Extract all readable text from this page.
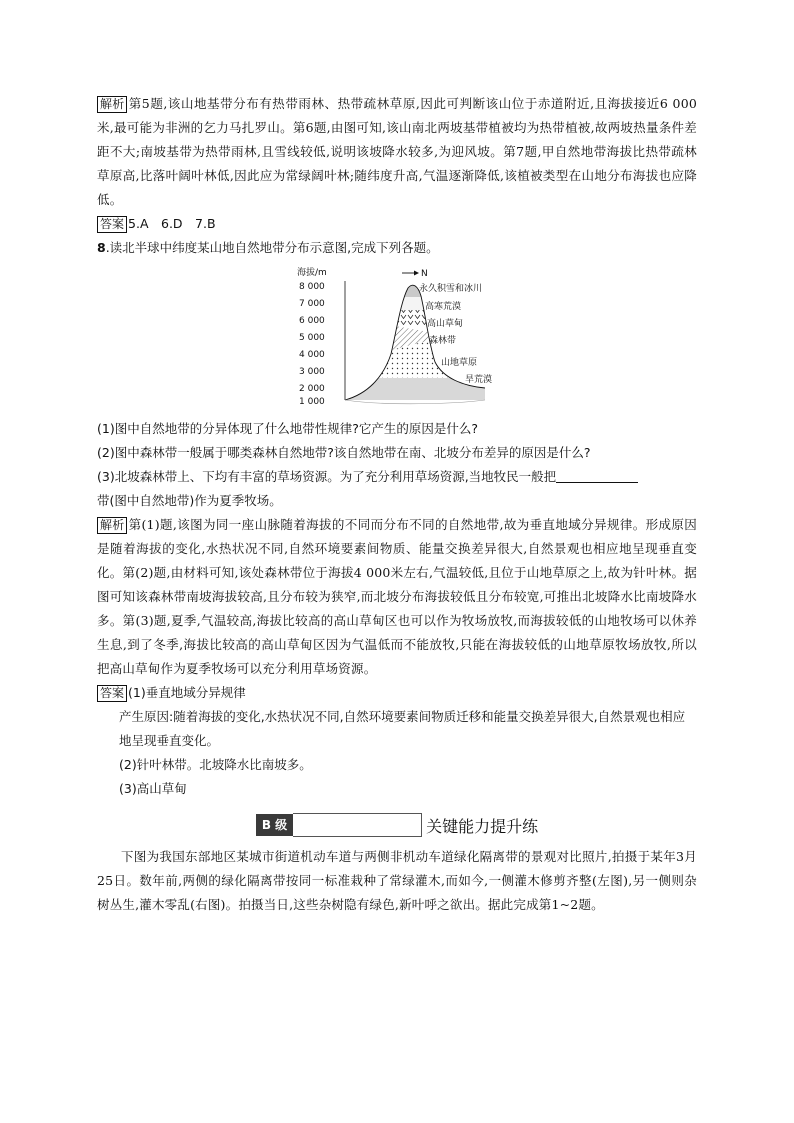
解析 第5题,该山地基带分布有热带雨林、热带疏林草原,因此可判断该山位于赤道附近,且海拔接近6 000米,最可能为非洲的乞力马扎罗山。第6题,由图可知,该山南北两坡基带植被均为热带植被,故两坡热量条件差距不大;南坡基带为热带雨林,且雪线较低,说明该坡降水较多,为迎风坡。第7题,甲自然地带海拔比热带疏林草原高,比落叶阔叶林低,因此应为常绿阔叶林;随纬度升高,气温逐渐降低,该植被类型在山地分布海拔也应降低。

答案 5.A　6.D　7.B

8.读北半球中纬度某山地自然地带分布示意图,完成下列各题。

海拔/m
8 000
7 000
6 000
5 000
4 000
3 000
2 000
1 000
N
永久积雪和冰川
高寒荒漠
高山草甸
森林带
山地草原
旱荒漠

(1)图中自然地带的分异体现了什么地带性规律?它产生的原因是什么?

(2)图中森林带一般属于哪类森林自然地带?该自然地带在南、北坡分布差异的原因是什么?

(3)北坡森林带上、下均有丰富的草场资源。为了充分利用草场资源,当地牧民一般把
带(图中自然地带)作为夏季牧场。

解析 第(1)题,该图为同一座山脉随着海拔的不同而分布不同的自然地带,故为垂直地域分异规律。形成原因是随着海拔的变化,水热状况不同,自然环境要素间物质、能量交换差异很大,自然景观也相应地呈现垂直变化。第(2)题,由材料可知,该处森林带位于海拔4 000米左右,气温较低,且位于山地草原之上,故为针叶林。据图可知该森林带南坡海拔较高,且分布较为狭窄,而北坡分布海拔较低且分布较宽,可推出北坡降水比南坡降水多。第(3)题,夏季,气温较高,海拔比较高的高山草甸区也可以作为牧场放牧,而海拔较低的山地牧场可以休养生息,到了冬季,海拔比较高的高山草甸区因为气温低而不能放牧,只能在海拔较低的山地草原牧场放牧,所以把高山草甸作为夏季牧场可以充分利用草场资源。

答案 (1)垂直地域分异规律

产生原因:随着海拔的变化,水热状况不同,自然环境要素间物质迁移和能量交换差异很大,自然景观也相应地呈现垂直变化。

(2)针叶林带。北坡降水比南坡多。

(3)高山草甸

B 级	关键能力提升练

下图为我国东部地区某城市街道机动车道与两侧非机动车道绿化隔离带的景观对比照片,拍摄于某年3月25日。数年前,两侧的绿化隔离带按同一标准栽种了常绿灌木,而如今,一侧灌木修剪齐整(左图),另一侧则杂树丛生,灌木零乱(右图)。拍摄当日,这些杂树隐有绿色,新叶呼之欲出。据此完成第1~2题。
